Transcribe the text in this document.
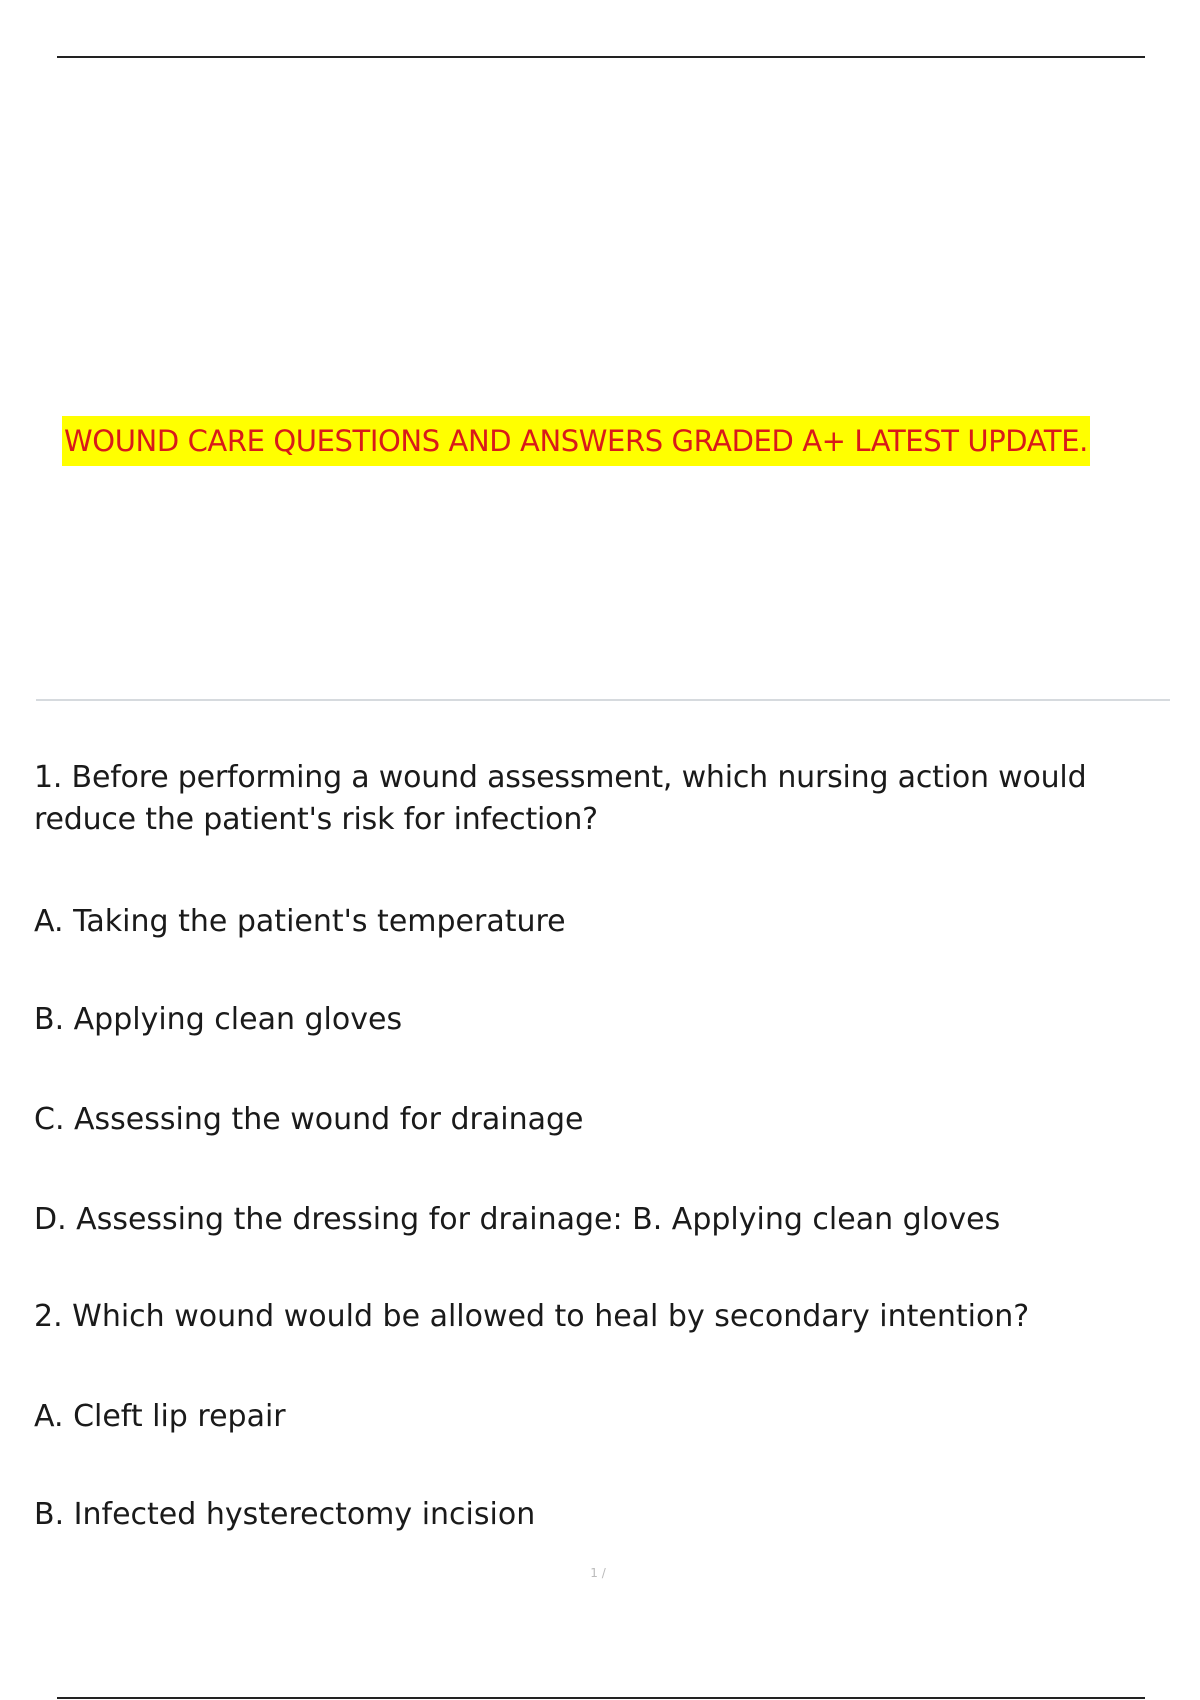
WOUND CARE QUESTIONS AND ANSWERS GRADED A+ LATEST UPDATE.
1. Before performing a wound assessment, which nursing action would reduce the patient's risk for infection?
A. Taking the patient's temperature
B. Applying clean gloves
C. Assessing the wound for drainage
D. Assessing the dressing for drainage: B. Applying clean gloves
2. Which wound would be allowed to heal by secondary intention?
A. Cleft lip repair
B. Infected hysterectomy incision
1 /
